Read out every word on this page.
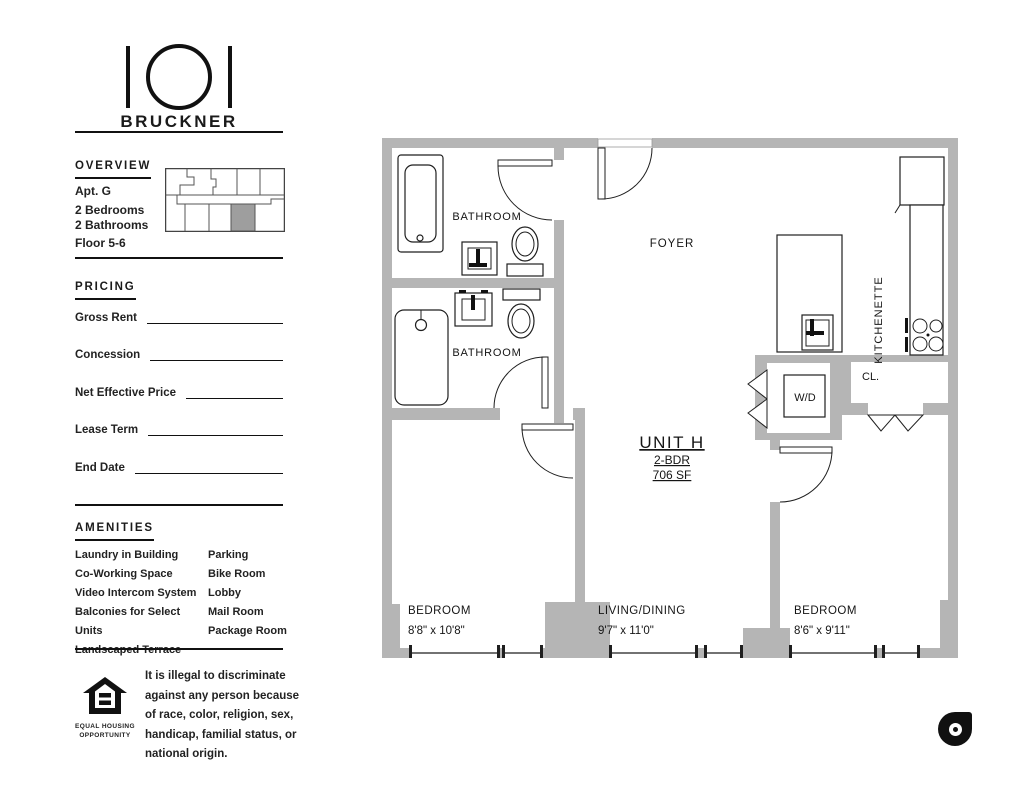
BRUCKNER
OVERVIEW
Apt. G
2 Bedrooms
2 Bathrooms
Floor 5-6
PRICING
Gross Rent
Concession
Net Effective Price
Lease Term
End Date
AMENITIES
Laundry in Building
Co-Working Space
Video Intercom System
Balconies for Select Units
Landscaped Terrace
Parking
Bike Room
Lobby
Mail Room
Package Room
EQUAL HOUSING
OPPORTUNITY
It is illegal to discriminate against any person because of race, color, religion, sex, handicap, familial status, or national origin.
BATHROOM
BATHROOM
FOYER
KITCHENETTE
UNIT H
2-BDR
706 SF
W/D
CL.
BEDROOM
8'8" x 10'8"
LIVING/DINING
9'7" x 11'0"
BEDROOM
8'6" x 9'11"
